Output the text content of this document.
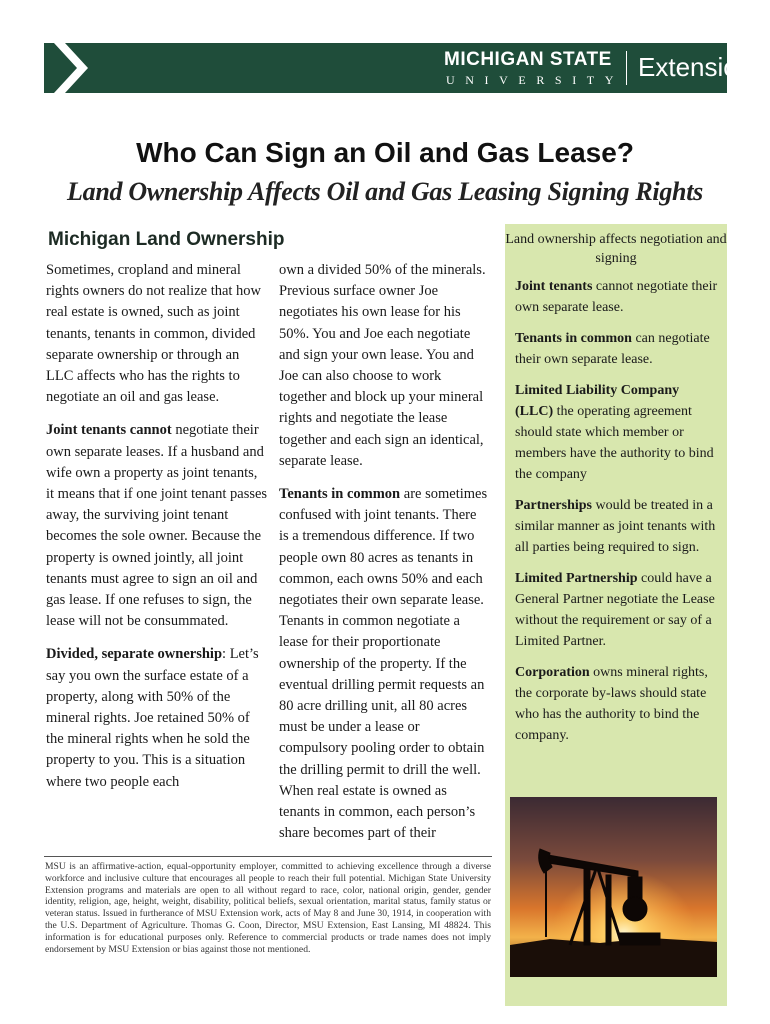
MICHIGAN STATE
UNIVERSITY Extension
Who Can Sign an Oil and Gas Lease?
Land Ownership Affects Oil and Gas Leasing Signing Rights
Michigan Land Ownership

Sometimes, cropland and mineral rights owners do not realize that how real estate is owned, such as joint tenants, tenants in common, divided separate ownership or through an LLC affects who has the rights to negotiate an oil and gas lease.

Joint tenants cannot negotiate their own separate leases. If a husband and wife own a property as joint tenants, it means that if one joint tenant passes away, the surviving joint tenant becomes the sole owner. Because the property is owned jointly, all joint tenants must agree to sign an oil and gas lease. If one refuses to sign, the lease will not be consummated.

Divided, separate ownership: Let’s say you own the surface estate of a property, along with 50% of the mineral rights. Joe retained 50% of the mineral rights when he sold the property to you. This is a situation where two people each

own a divided 50% of the minerals. Previous surface owner Joe negotiates his own lease for his 50%. You and Joe each negotiate and sign your own lease. You and Joe can also choose to work together and block up your mineral rights and negotiate the lease together and each sign an identical, separate lease.

Tenants in common are sometimes confused with joint tenants. There is a tremendous difference. If two people own 80 acres as tenants in common, each owns 50% and each negotiates their own separate lease. Tenants in common negotiate a lease for their proportionate ownership of the property. If the eventual drilling permit requests an 80 acre drilling unit, all 80 acres must be under a lease or compulsory pooling order to obtain the drilling permit to drill the well. When real estate is owned as tenants in common, each person’s share becomes part of their

MSU is an affirmative-action, equal-opportunity employer, committed to achieving excellence through a diverse workforce and inclusive culture that encourages all people to reach their full potential. Michigan State University Extension programs and materials are open to all without regard to race, color, national origin, gender, gender identity, religion, age, height, weight, disability, political beliefs, sexual orientation, marital status, family status or veteran status. Issued in furtherance of MSU Extension work, acts of May 8 and June 30, 1914, in cooperation with the U.S. Department of Agriculture. Thomas G. Coon, Director, MSU Extension, East Lansing, MI 48824. This information is for educational purposes only. Reference to commercial products or trade names does not imply endorsement by MSU Extension or bias against those not mentioned.

Land ownership affects negotiation and signing

Joint tenants cannot negotiate their own separate lease.

Tenants in common can negotiate their own separate lease.

Limited Liability Company (LLC) the operating agreement should state which member or members have the authority to bind the company

Partnerships would be treated in a similar manner as joint tenants with all parties being required to sign.

Limited Partnership could have a General Partner negotiate the Lease without the requirement or say of a Limited Partner.

Corporation owns mineral rights, the corporate by-laws should state who has the authority to bind the company.
